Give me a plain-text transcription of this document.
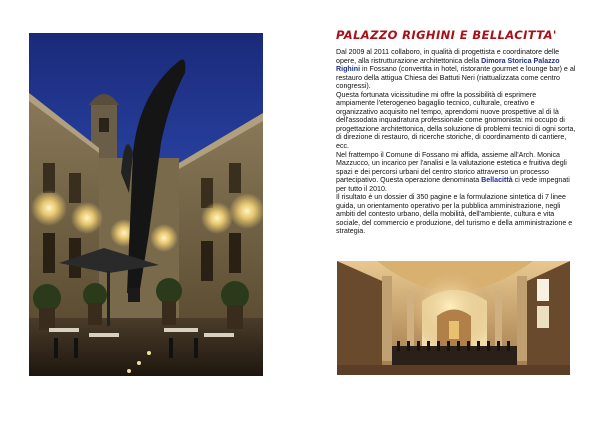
PALAZZO RIGHINI E BELLACITTA'

Dal 2009 al 2011 collaboro, in qualità di progettista e coordinatore delle opere, alla ristrutturazione architettonica della Dimora Storica Palazzo Righini in Fossano (convertita in hotel, ristorante gourmet e lounge bar) e al restauro della attigua Chiesa dei Battuti Neri (riattualizzata come centro congressi).

Questa fortunata vicissitudine mi offre la possibilità di esprimere ampiamente l'eterogeneo bagaglio tecnico, culturale, creativo e organizzativo acquisito nel tempo, aprendomi nuove prospettive al di là dell'assodata inquadratura professionale come gnomonista: mi occupo di progettazione architettonica, della soluzione di problemi tecnici di ogni sorta, di direzione di restauro, di ricerche storiche, di coordinamento di cantiere, ecc.

Nel frattempo il Comune di Fossano mi affida, assieme all'Arch. Monica Mazzucco, un incarico per l'analisi e la valutazione estetica e fruitiva degli spazi e dei percorsi urbani del centro storico attraverso un processo partecipativo. Questa operazione denominata Bellacittà ci vede impegnati per tutto il 2010.

Il risultato è un dossier di 350 pagine e la formulazione sintetica di 7 linee guida, un orientamento operativo per la pubblica amministrazione, negli ambiti del contesto urbano, della mobilità, dell'ambiente, cultura e vita sociale, del commercio e produzione, del turismo e della amministrazione e strategia.
